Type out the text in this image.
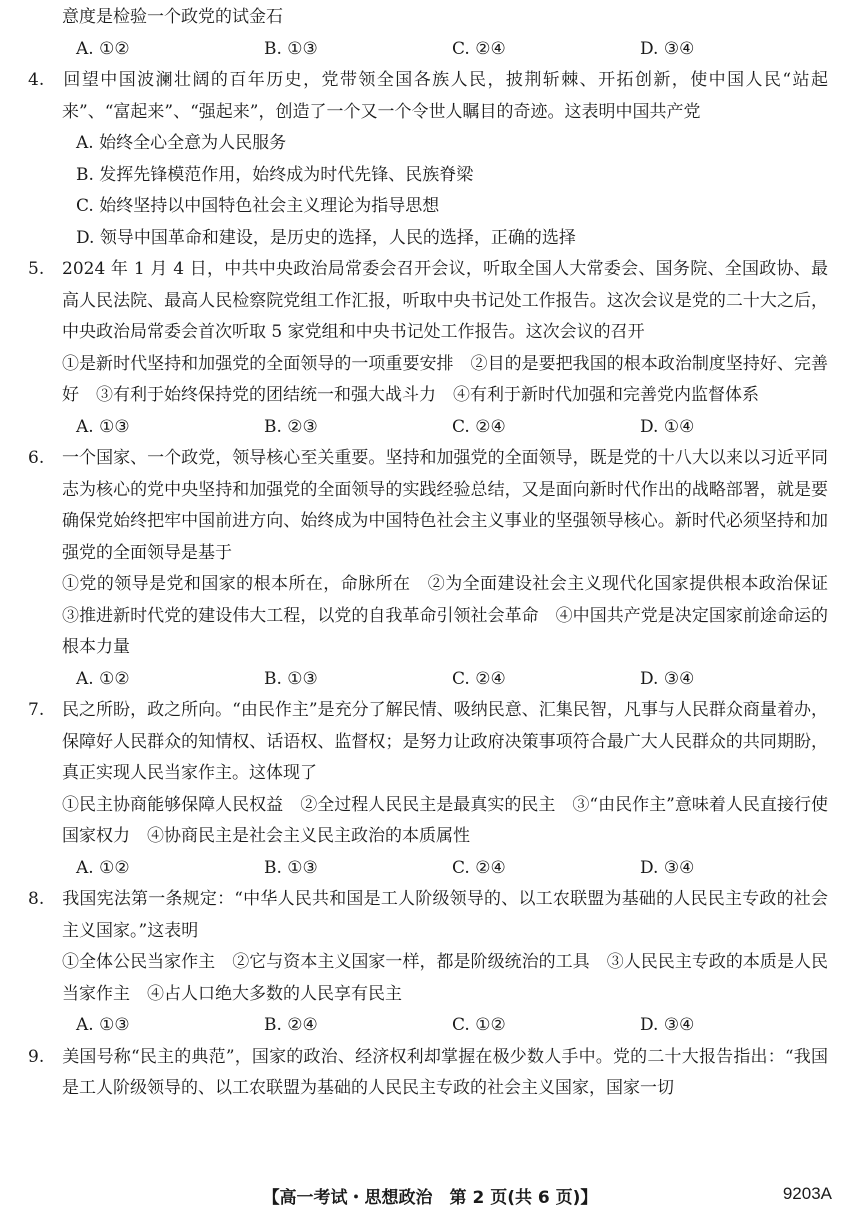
意度是检验一个政党的试金石

A. ①②	B. ①③	C. ②④	D. ③④

4. 回望中国波澜壮阔的百年历史，党带领全国各族人民，披荆斩棘、开拓创新，使中国人民“站起来”、“富起来”、“强起来”，创造了一个又一个令世人瞩目的奇迹。这表明中国共产党

A. 始终全心全意为人民服务

B. 发挥先锋模范作用，始终成为时代先锋、民族脊梁

C. 始终坚持以中国特色社会主义理论为指导思想

D. 领导中国革命和建设，是历史的选择，人民的选择，正确的选择

5. 2024 年 1 月 4 日，中共中央政治局常委会召开会议，听取全国人大常委会、国务院、全国政协、最高人民法院、最高人民检察院党组工作汇报，听取中央书记处工作报告。这次会议是党的二十大之后，中央政治局常委会首次听取 5 家党组和中央书记处工作报告。这次会议的召开

①是新时代坚持和加强党的全面领导的一项重要安排　②目的是要把我国的根本政治制度坚持好、完善好　③有利于始终保持党的团结统一和强大战斗力　④有利于新时代加强和完善党内监督体系

A. ①③	B. ②③	C. ②④	D. ①④

6. 一个国家、一个政党，领导核心至关重要。坚持和加强党的全面领导，既是党的十八大以来以习近平同志为核心的党中央坚持和加强党的全面领导的实践经验总结，又是面向新时代作出的战略部署，就是要确保党始终把牢中国前进方向、始终成为中国特色社会主义事业的坚强领导核心。新时代必须坚持和加强党的全面领导是基于

①党的领导是党和国家的根本所在，命脉所在　②为全面建设社会主义现代化国家提供根本政治保证　③推进新时代党的建设伟大工程，以党的自我革命引领社会革命　④中国共产党是决定国家前途命运的根本力量

A. ①②	B. ①③	C. ②④	D. ③④

7. 民之所盼，政之所向。“由民作主”是充分了解民情、吸纳民意、汇集民智，凡事与人民群众商量着办，保障好人民群众的知情权、话语权、监督权；是努力让政府决策事项符合最广大人民群众的共同期盼，真正实现人民当家作主。这体现了

①民主协商能够保障人民权益　②全过程人民民主是最真实的民主　③“由民作主”意味着人民直接行使国家权力　④协商民主是社会主义民主政治的本质属性

A. ①②	B. ①③	C. ②④	D. ③④

8. 我国宪法第一条规定：“中华人民共和国是工人阶级领导的、以工农联盟为基础的人民民主专政的社会主义国家。”这表明

①全体公民当家作主　②它与资本主义国家一样，都是阶级统治的工具　③人民民主专政的本质是人民当家作主　④占人口绝大多数的人民享有民主

A. ①③	B. ②④	C. ①②	D. ③④

9. 美国号称“民主的典范”，国家的政治、经济权利却掌握在极少数人手中。党的二十大报告指出：“我国是工人阶级领导的、以工农联盟为基础的人民民主专政的社会主义国家，国家一切

【高一考试・思想政治　第 2 页(共 6 页)】	9203A
